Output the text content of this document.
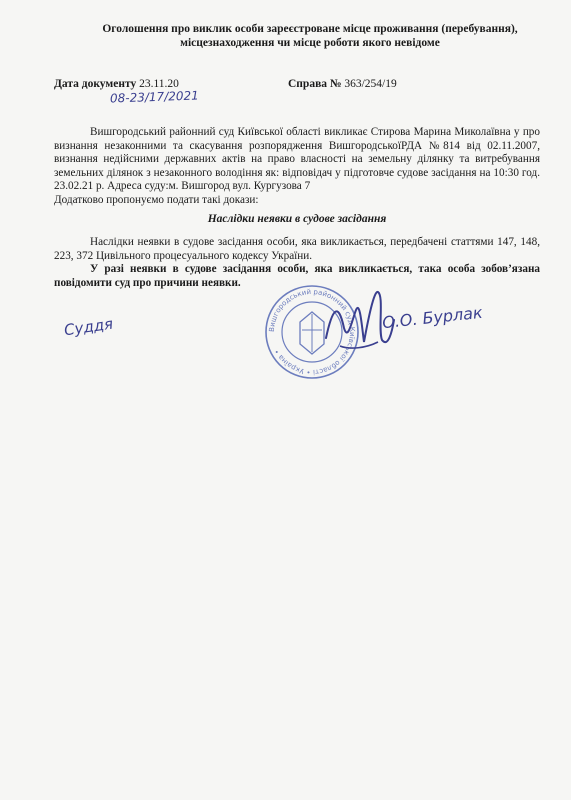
Оголошення про виклик особи зареєстроване місце проживання (перебування),
місцезнаходження чи місце роботи якого невідоме
Дата документу 23.11.20	Справа № 363/254/19
08-23/17/2021

Вишгородський районний суд Київської області викликає Стирова Марина Миколаївна у про визнання незаконними та скасування розпорядження ВишгородськоїРДА №814 від 02.11.2007, визнання недійсними державних актів на право власності на земельну ділянку та витребування земельних ділянок з незаконного володіння як: відповідач у підготовче судове засідання на 10:30 год. 23.02.21 р. Адреса суду:м. Вишгород вул. Кургузова 7

Додатково пропонуємо подати такі докази:

Наслідки неявки в судове засідання

Наслідки неявки в судове засідання особи, яка викликається, передбачені статтями 147, 148, 223, 372 Цивільного процесуального кодексу України.

У разі неявки в судове засідання особи, яка викликається, така особа зобов’язана повідомити суд про причини неявки.

Вишгородський районний суд Київської області • Україна •
Суддя	О.О. Бурлак
